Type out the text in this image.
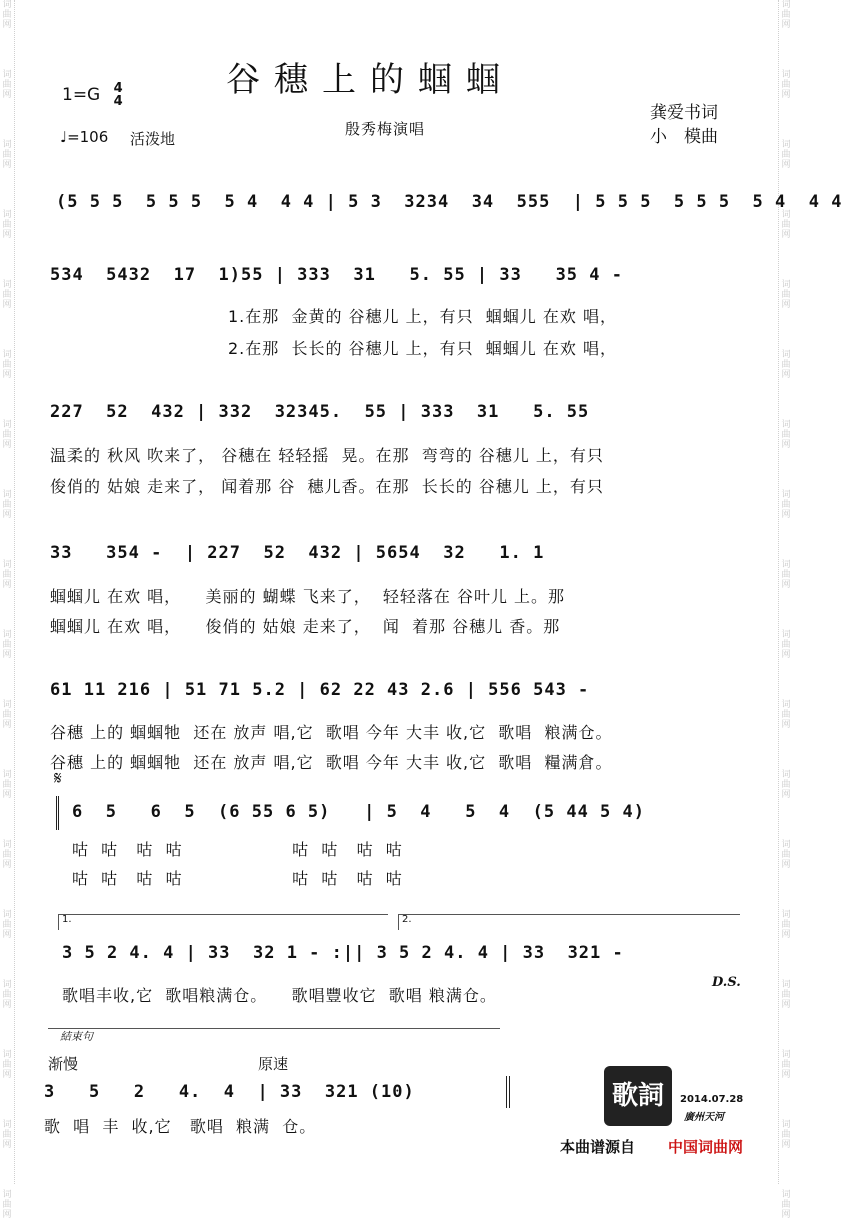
词
曲
网
词
曲
网
词
曲
网
词
曲
网
词
曲
网
词
曲
网
词
曲
网
词
曲
网
词
曲
网
词
曲
网
词
曲
网
词
曲
网
词
曲
网
词
曲
网
词
曲
网
词
曲
网
词
曲
网
词
曲
网
词
曲
网
词
曲
网
词
曲
网
词
曲
网
词
曲
网
词
曲
网
词
曲
网
词
曲
网
词
曲
网
词
曲
网
词
曲
网
词
曲
网
词
曲
网
词
曲
网
词
曲
网
词
曲
网
词
曲
网
词
曲
网
1=G 4
4
谷穗上的蝈蝈
♩=106 活泼地
殷秀梅演唱
龚爱书词
小　模曲
(5 5 5  5 5 5  5 4  4 4 | 5 3  3234  34  555  | 5 5 5  5 5 5  5 4  4 4
534  5432  17  1)55 | 333  31   5. 55 | 33   35 4 -
1.在那  金黄的 谷穗儿 上，有只  蝈蝈儿 在欢 唱，
2.在那  长长的 谷穗儿 上，有只  蝈蝈儿 在欢 唱，
227  52  432 | 332  32345.  55 | 333  31   5. 55
温柔的 秋风 吹来了， 谷穗在 轻轻摇  晃。在那  弯弯的 谷穗儿 上，有只
俊俏的 姑娘 走来了， 闻着那 谷  穗儿香。在那  长长的 谷穗儿 上，有只
33   354 -  | 227  52  432 | 5654  32   1. 1
蝈蝈儿 在欢 唱，    美丽的 蝴蝶 飞来了，  轻轻落在 谷叶儿 上。那
蝈蝈儿 在欢 唱，    俊俏的 姑娘 走来了，  闻  着那 谷穗儿 香。那
61 11 216 | 51 71 5.2 | 62 22 43 2.6 | 556 543 -
谷穗 上的 蝈蝈牠  还在 放声 唱,它  歌唱 今年 大丰 收,它  歌唱  粮满仓。
谷穗 上的 蝈蝈牠  还在 放声 唱,它  歌唱 今年 大丰 收,它  歌唱  糧满倉。
𝄋
6  5   6  5  (6 55 6 5)   | 5  4   5  4  (5 44 5 4)
咕  咕   咕  咕                  咕  咕   咕  咕
咕  咕   咕  咕                  咕  咕   咕  咕
1.	2.
3 5 2 4. 4 | 33  32 1 - :|| 3 5 2 4. 4 | 33  321 -
歌唱丰收,它  歌唱粮满仓。    歌唱豐收它  歌唱 粮满仓。
D.S.
結束句
渐慢	原速
3   5   2   4.  4  | 33  321 (10)
歌  唱  丰  收,它   歌唱  粮满  仓。
歌詞	2014.07.28
廣州天河
本曲谱源自 中国词曲网
